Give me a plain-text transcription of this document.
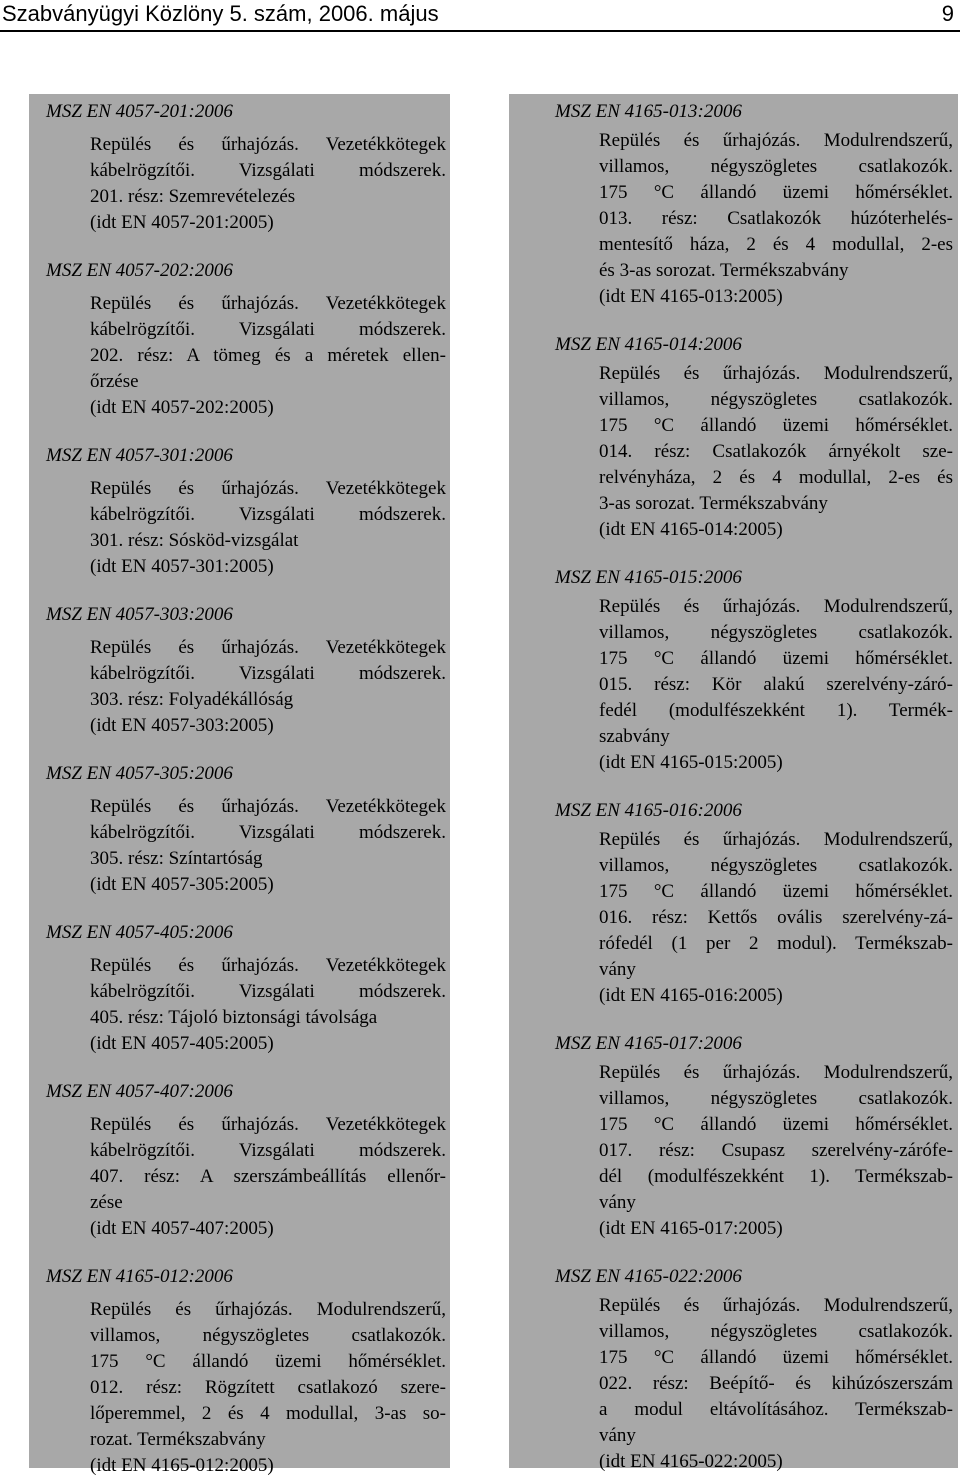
Szabványügyi Közlöny 5. szám, 2006. május	9
MSZ EN 4057-201:2006
Repülés és űrhajózás. Vezetékkötegek
kábelrögzítői. Vizsgálati módszerek.
201. rész: Szemrevételezés
(idt EN 4057-201:2005)
MSZ EN 4057-202:2006
Repülés és űrhajózás. Vezetékkötegek
kábelrögzítői. Vizsgálati módszerek.
202. rész: A tömeg és a méretek ellen-
őrzése
(idt EN 4057-202:2005)
MSZ EN 4057-301:2006
Repülés és űrhajózás. Vezetékkötegek
kábelrögzítői. Vizsgálati módszerek.
301. rész: Sósköd-vizsgálat
(idt EN 4057-301:2005)
MSZ EN 4057-303:2006
Repülés és űrhajózás. Vezetékkötegek
kábelrögzítői. Vizsgálati módszerek.
303. rész: Folyadékállóság
(idt EN 4057-303:2005)
MSZ EN 4057-305:2006
Repülés és űrhajózás. Vezetékkötegek
kábelrögzítői. Vizsgálati módszerek.
305. rész: Színtartóság
(idt EN 4057-305:2005)
MSZ EN 4057-405:2006
Repülés és űrhajózás. Vezetékkötegek
kábelrögzítői. Vizsgálati módszerek.
405. rész: Tájoló biztonsági távolsága
(idt EN 4057-405:2005)
MSZ EN 4057-407:2006
Repülés és űrhajózás. Vezetékkötegek
kábelrögzítői. Vizsgálati módszerek.
407. rész: A szerszámbeállítás ellenőr-
zése
(idt EN 4057-407:2005)
MSZ EN 4165-012:2006
Repülés és űrhajózás. Modulrendszerű,
villamos, négyszögletes csatlakozók.
175 °C állandó üzemi hőmérséklet.
012. rész: Rögzített csatlakozó szere-
lőperemmel, 2 és 4 modullal, 3-as so-
rozat. Termékszabvány
(idt EN 4165-012:2005)
MSZ EN 4165-013:2006
Repülés és űrhajózás. Modulrendszerű,
villamos, négyszögletes csatlakozók.
175 °C állandó üzemi hőmérséklet.
013. rész: Csatlakozók húzóterhelés-
mentesítő háza, 2 és 4 modullal, 2-es
és 3-as sorozat. Termékszabvány
(idt EN 4165-013:2005)
MSZ EN 4165-014:2006
Repülés és űrhajózás. Modulrendszerű,
villamos, négyszögletes csatlakozók.
175 °C állandó üzemi hőmérséklet.
014. rész: Csatlakozók árnyékolt sze-
relvényháza, 2 és 4 modullal, 2-es és
3-as sorozat. Termékszabvány
(idt EN 4165-014:2005)
MSZ EN 4165-015:2006
Repülés és űrhajózás. Modulrendszerű,
villamos, négyszögletes csatlakozók.
175 °C állandó üzemi hőmérséklet.
015. rész: Kör alakú szerelvény-záró-
fedél (modulfészekként 1). Termék-
szabvány
(idt EN 4165-015:2005)
MSZ EN 4165-016:2006
Repülés és űrhajózás. Modulrendszerű,
villamos, négyszögletes csatlakozók.
175 °C állandó üzemi hőmérséklet.
016. rész: Kettős ovális szerelvény-zá-
rófedél (1 per 2 modul). Termékszab-
vány
(idt EN 4165-016:2005)
MSZ EN 4165-017:2006
Repülés és űrhajózás. Modulrendszerű,
villamos, négyszögletes csatlakozók.
175 °C állandó üzemi hőmérséklet.
017. rész: Csupasz szerelvény-zárófe-
dél (modulfészekként 1). Termékszab-
vány
(idt EN 4165-017:2005)
MSZ EN 4165-022:2006
Repülés és űrhajózás. Modulrendszerű,
villamos, négyszögletes csatlakozók.
175 °C állandó üzemi hőmérséklet.
022. rész: Beépítő- és kihúzószerszám
a modul eltávolításához. Termékszab-
vány
(idt EN 4165-022:2005)
